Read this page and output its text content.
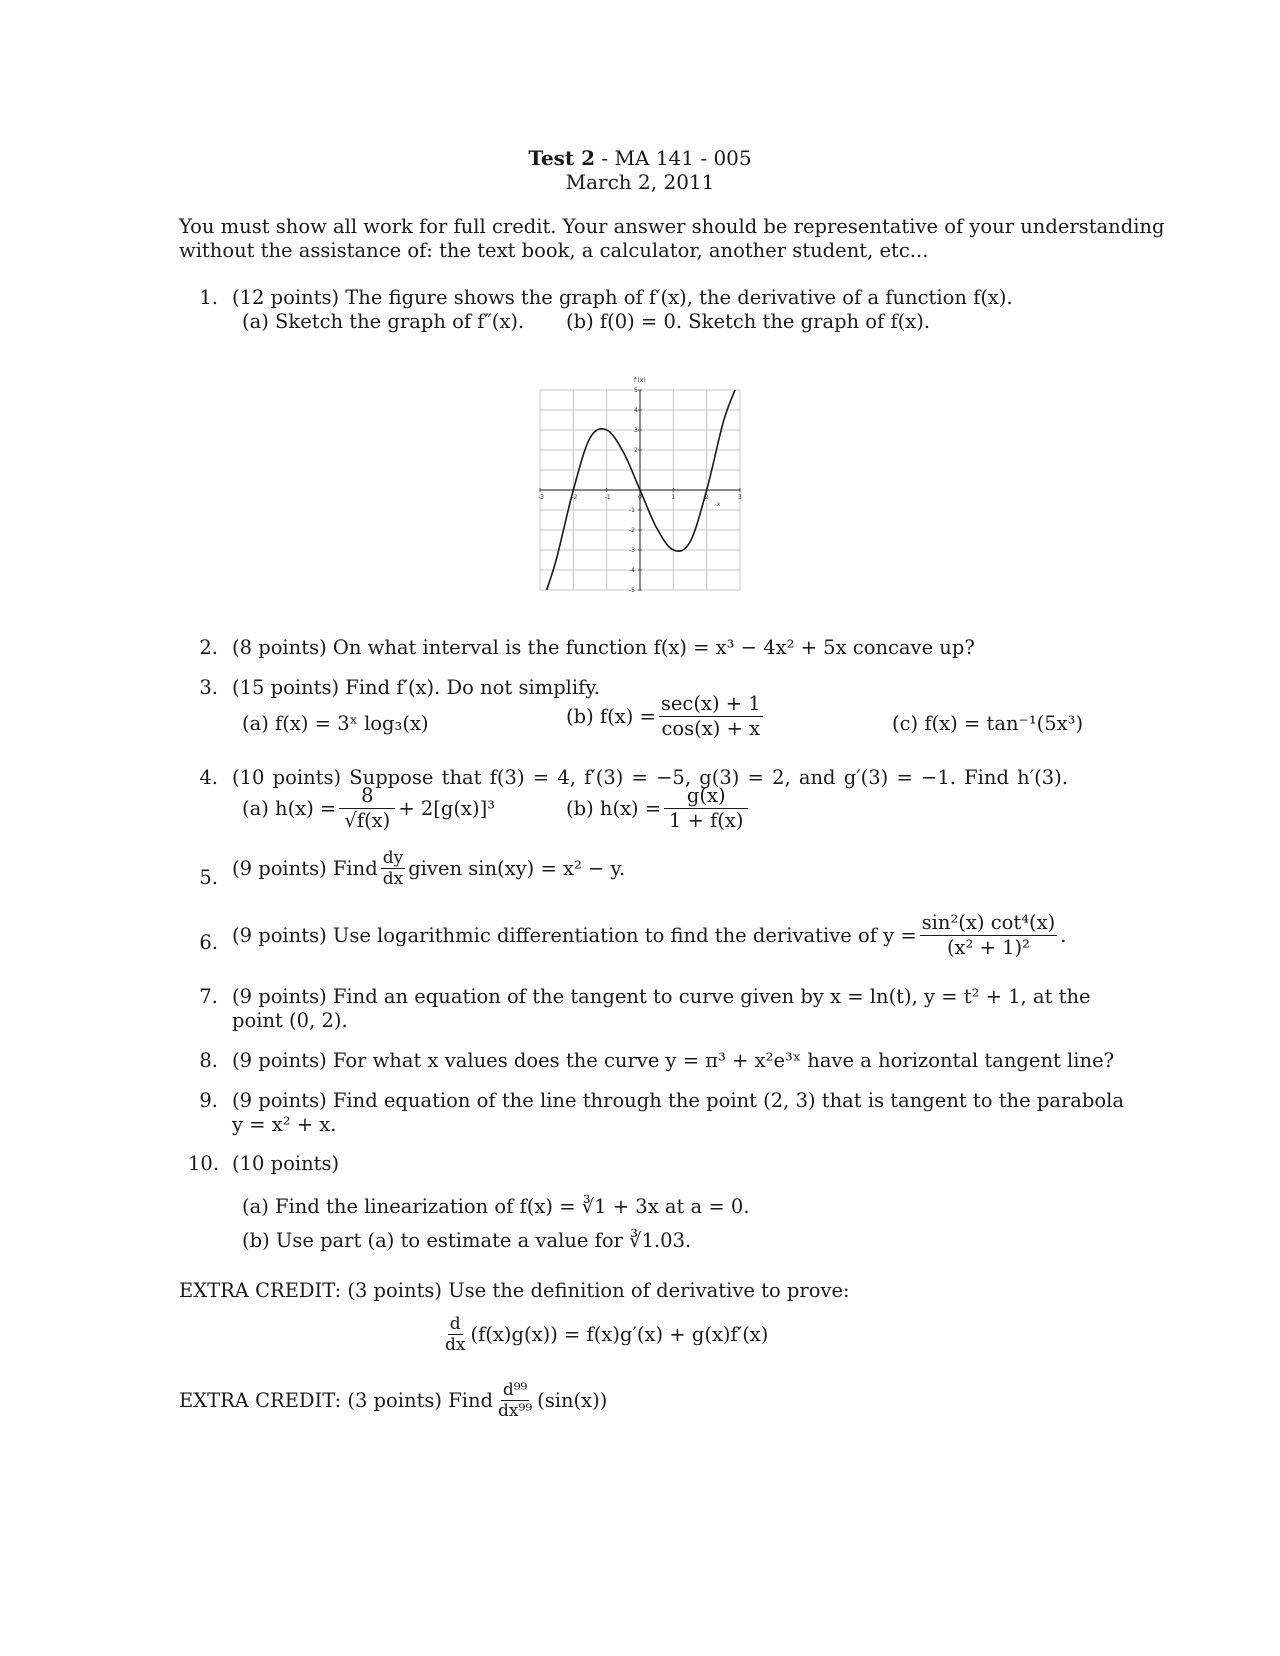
Test 2 - MA 141 - 005
March 2, 2011
You must show all work for full credit. Your answer should be representative of your understanding
without the assistance of: the text book, a calculator, another student, etc...
1. (12 points) The figure shows the graph of f′(x), the derivative of a function f(x).
(a) Sketch the graph of f″(x). (b) f(0) = 0. Sketch the graph of f(x).
-3	-2	-1	0	1	2	3
5
4
3
2
-1
-2
-3
-4
-5
f′(x)
x
2. (8 points) On what interval is the function f(x) = x³ − 4x² + 5x concave up?
3. (15 points) Find f′(x). Do not simplify.
(a) f(x) = 3ˣ log₃(x)	(b) $f(x) = \frac{\sec(x) + 1}{\cos(x) + x}$	(c) f(x) = tan⁻¹(5x³)
4. (10 points) Suppose that f(3) = 4, f′(3) = −5, g(3) = 2, and g′(3) = −1. Find h′(3).
(a) $h(x) = \frac{8}{√f(x)} + 2[g(x)]^3$	(b) $h(x) = \frac{g(x)}{1 + f(x)}$
5. (9 points) Find $\frac{dy}{dx}$ given sin(xy) = x² − y.
6. (9 points) Use logarithmic differentiation to find the derivative of $y = \frac{\text{sin²(x) cot⁴(x)}}{\text{(x² + 1)²}}$ .
7. (9 points) Find an equation of the tangent to curve given by x = ln(t), y = t² + 1, at the
point (0, 2).
8. (9 points) For what x values does the curve y = π³ + x²e³ˣ have a horizontal tangent line?
9. (9 points) Find equation of the line through the point (2, 3) that is tangent to the parabola
y = x² + x.
10. (10 points)
(a) Find the linearization of f(x) = ∛1 + 3x at a = 0.
(b) Use part (a) to estimate a value for ∛1.03.
EXTRA CREDIT: (3 points) Use the definition of derivative to prove:
$\frac{d}{dx} (f(x)g(x)) = f(x)g'(x) + g(x)f'(x)$
EXTRA CREDIT: (3 points) Find $\frac{\text{d⁹⁹}}{\text{dx⁹⁹}} (\sin(x))$
